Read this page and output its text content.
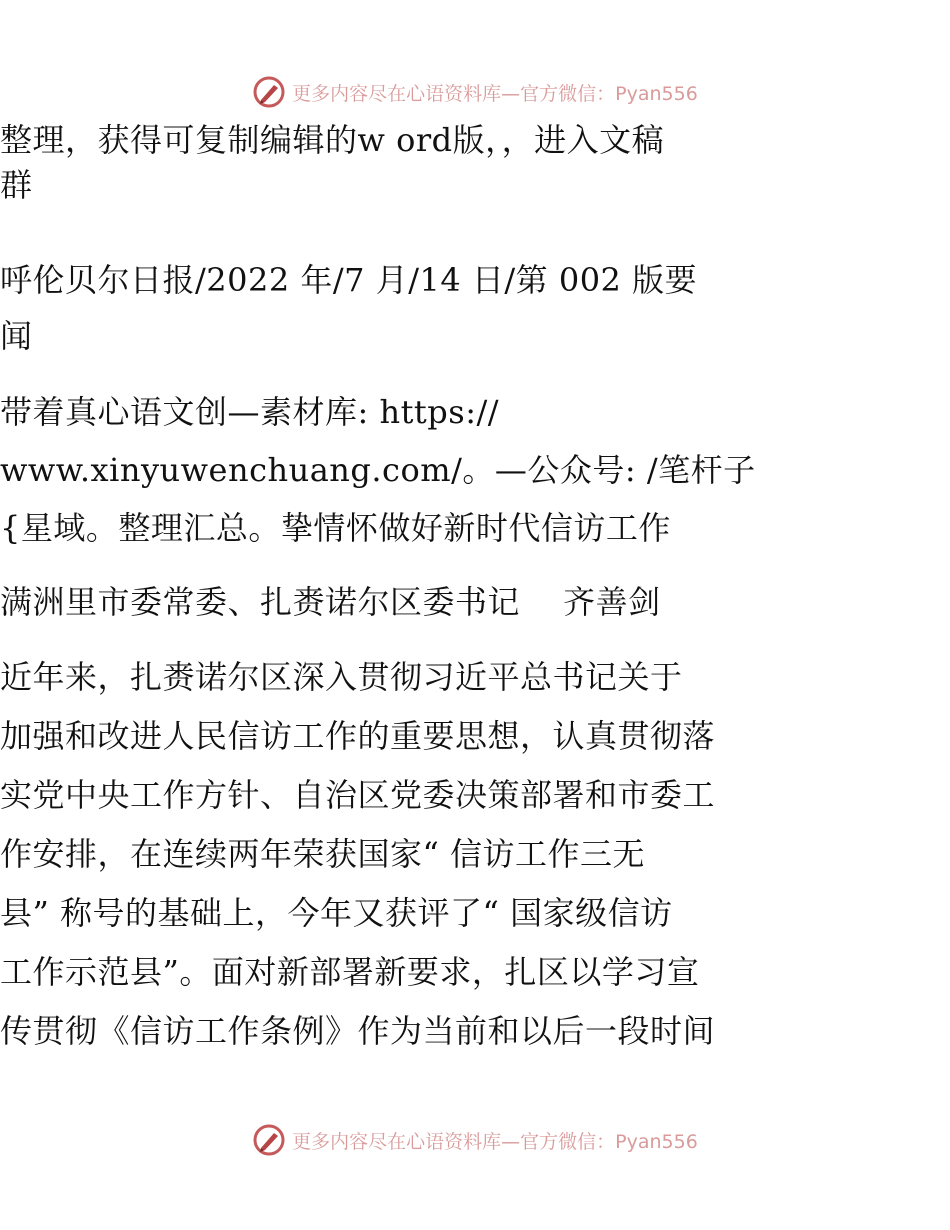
更多内容尽在心语资料库—官方微信：Pyan556
整理，获得可复制编辑的w ord版，，进入文稿
群
呼伦贝尔日报/2022 年/7 月/14 日/第 002 版要
闻
带着真心语文创—素材库: https://
www.xinyuwenchuang.com/。—公众号: /笔杆子
{星域。整理汇总。挚情怀做好新时代信访工作
满洲里市委常委、扎赉诺尔区委书记　 齐善剑
近年来，扎赉诺尔区深入贯彻习近平总书记关于
加强和改进人民信访工作的重要思想，认真贯彻落
实党中央工作方针、自治区党委决策部署和市委工
作安排，在连续两年荣获国家“ 信访工作三无
县” 称号的基础上，今年又获评了“ 国家级信访
工作示范县”。面对新部署新要求，扎区以学习宣
传贯彻《信访工作条例》作为当前和以后一段时间
更多内容尽在心语资料库—官方微信：Pyan556
